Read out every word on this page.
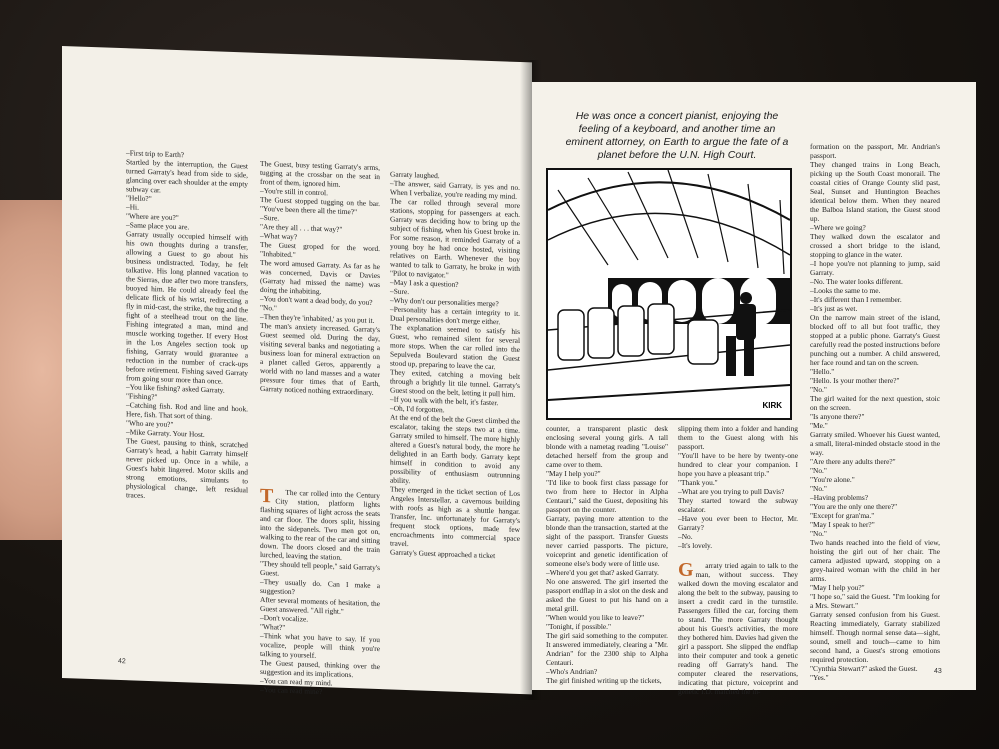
–First trip to Earth?
Startled by the interruption, the Guest turned Garraty's head from side to side, glancing over each shoulder at the empty subway car.
"Hello?"
–Hi.
"Where are you?"
–Same place you are.
Garraty usually occupied himself with his own thoughts during a transfer, allowing a Guest to go about his business undistracted. Today, he felt talkative. His long planned vacation to the Sierras, due after two more transfers, buoyed him. He could already feel the delicate flick of his wrist, redirecting a fly in mid-cast, the strike, the tug and the fight of a steelhead trout on the line. Fishing integrated a man, mind and muscle working together. If every Host in the Los Angeles section took up fishing, Garraty would guarantee a reduction in the number of crack-ups before retirement. Fishing saved Garraty from going sour more than once.
–You like fishing? asked Garraty.
"Fishing?"
–Catching fish. Rod and line and hook. Here, fish. That sort of thing.
"Who are you?"
–Mike Garraty. Your Host.
The Guest, pausing to think, scratched Garraty's head, a habit Garraty himself never picked up. Once in a while, a Guest's habit lingered. Motor skills and strong emotions, simulants to physiological change, left residual traces.
The Guest, busy testing Garraty's arms, tugging at the crossbar on the seat in front of them, ignored him.
–You're still in control.
The Guest stopped tugging on the bar. "You've been there all the time?"
–Sure.
"Are they all . . . that way?"
–What way?
The Guest groped for the word. "Inhabited."
The word amused Garraty. As far as he was concerned, Davis or Davies (Garraty had missed the name) was doing the inhabiting.
–You don't want a dead body, do you?
"No."
–Then they're 'inhabited,' as you put it.
The man's anxiety increased. Garraty's Guest seemed old. During the day, visiting several banks and negotiating a business loan for mineral extraction on a planet called Geros, apparently a world with no land masses and a water pressure four times that of Earth, Garraty noticed nothing extraordinary.

T The car rolled into the Century City station, platform lights flashing squares of light across the seats and car floor. The doors split, hissing into the sidepanels. Two men got on, walking to the rear of the car and sitting down. The doors closed and the train lurched, leaving the station.
"They should tell people," said Garraty's Guest.
–They usually do. Can I make a suggestion?
After several moments of hesitation, the Guest answered. "All right."
–Don't vocalize.
"What?"
–Think what you have to say. If you vocalize, people will think you're talking to yourself.
The Guest paused, thinking over the suggestion and its implications.
–You can read my mind.
–You can read mine?

Garraty laughed.
–The answer, said Garraty, is yes and no. When I verbalize, you're reading my mind.
The car rolled through several more stations, stopping for passengers at each. Garraty was deciding how to bring up the subject of fishing, when his Guest broke in. For some reason, it reminded Garraty of a young boy he had once hosted, visiting relatives on Earth. Whenever the boy wanted to talk to Garraty, he broke in with "Pilot to navigator."
–May I ask a question?
–Sure.
–Why don't our personalities merge?
–Personality has a certain integrity to it. Dual personalities don't merge either.
The explanation seemed to satisfy his Guest, who remained silent for several more stops. When the car rolled into the Sepulveda Boulevard station the Guest stood up, preparing to leave the car.
They exited, catching a moving belt through a brightly lit tile tunnel. Garraty's Guest stood on the belt, letting it pull him.
–If you walk with the belt, it's faster.
–Oh, I'd forgotten.
At the end of the belt the Guest climbed the escalator, taking the steps two at a time. Garraty smiled to himself. The more highly altered a Guest's natural body, the more he delighted in an Earth body. Garraty kept himself in condition to avoid any possibility of enthusiasm outrunning ability.
They emerged in the ticket section of Los Angeles Interstellar, a cavernous building with roofs as high as a shuttle hangar. Transfer, Inc. unfortunately for Garraty's frequent stock options, made few encroachments into commercial space travel.
Garraty's Guest approached a ticket
42
He was once a concert pianist, enjoying the feeling of a keyboard, and another time an eminent attorney, on Earth to argue the fate of a planet before the U.N. High Court.
KIRK
counter, a transparent plastic desk enclosing several young girls. A tall blonde with a nametag reading "Louise" detached herself from the group and came over to them.
"May I help you?"
"I'd like to book first class passage for two from here to Hector in Alpha Centauri," said the Guest, depositing his passport on the counter.
Garraty, paying more attention to the blonde than the transaction, started at the sight of the passport. Transfer Guests never carried passports. The picture, voiceprint and genetic identification of someone else's body were of little use.
–Where'd you get that? asked Garraty.
No one answered. The girl inserted the passport endflap in a slot on the desk and asked the Guest to put his hand on a metal grill.
"When would you like to leave?"
"Tonight, if possible."
The girl said something to the computer. It answered immediately, clearing a "Mr. Andrian" for the 2300 ship to Alpha Centauri.
–Who's Andrian?
The girl finished writing up the tickets,
slipping them into a folder and handing them to the Guest along with his passport.
"You'll have to be here by twenty-one hundred to clear your companion. I hope you have a pleasant trip."
"Thank you."
–What are you trying to pull Davis?
They started toward the subway escalator.
–Have you ever been to Hector, Mr. Garraty?
–No.
–It's lovely.

G arraty tried again to talk to the man, without success. They walked down the moving escalator and along the belt to the subway, pausing to insert a credit card in the turnstile. Passengers filled the car, forcing them to stand. The more Garraty thought about his Guest's activities, the more they bothered him. Davies had given the girl a passport. She slipped the endflap into their computer and took a genetic reading off Garraty's hand. The computer cleared the reservations, indicating that picture, voiceprint and genetic I.D. matched the in-

formation on the passport, Mr. Andrian's passport.
They changed trains in Long Beach, picking up the South Coast monorail. The coastal cities of Orange County slid past, Seal, Sunset and Huntington Beaches identical below them. When they neared the Balboa Island station, the Guest stood up.
–Where we going?
They walked down the escalator and crossed a short bridge to the island, stopping to glance in the water.
–I hope you're not planning to jump, said Garraty.
–No. The water looks different.
–Looks the same to me.
–It's different than I remember.
–It's just as wet.
On the narrow main street of the island, blocked off to all but foot traffic, they stopped at a public phone. Garraty's Guest carefully read the posted instructions before punching out a number. A child answered, her face round and tan on the screen.
"Hello."
"Hello. Is your mother there?"
"No."
The girl waited for the next question, stoic on the screen.
"Is anyone there?"
"Me."
Garraty smiled. Whoever his Guest wanted, a small, literal-minded obstacle stood in the way.
"Are there any adults there?"
"No."
"You're alone."
"No."
–Having problems?
"You are the only one there?"
"Except for gran'ma."
"May I speak to her?"
"No."
Two hands reached into the field of view, hoisting the girl out of her chair. The camera adjusted upward, stopping on a grey-haired woman with the child in her arms.
"May I help you?"
"I hope so," said the Guest. "I'm looking for a Mrs. Stewart."
Garraty sensed confusion from his Guest. Reacting immediately, Garraty stabilized himself. Though normal sense data—sight, sound, smell and touch—came to him second hand, a Guest's strong emotions required protection.
"Cynthia Stewart?" asked the Guest.
"Yes."
43
